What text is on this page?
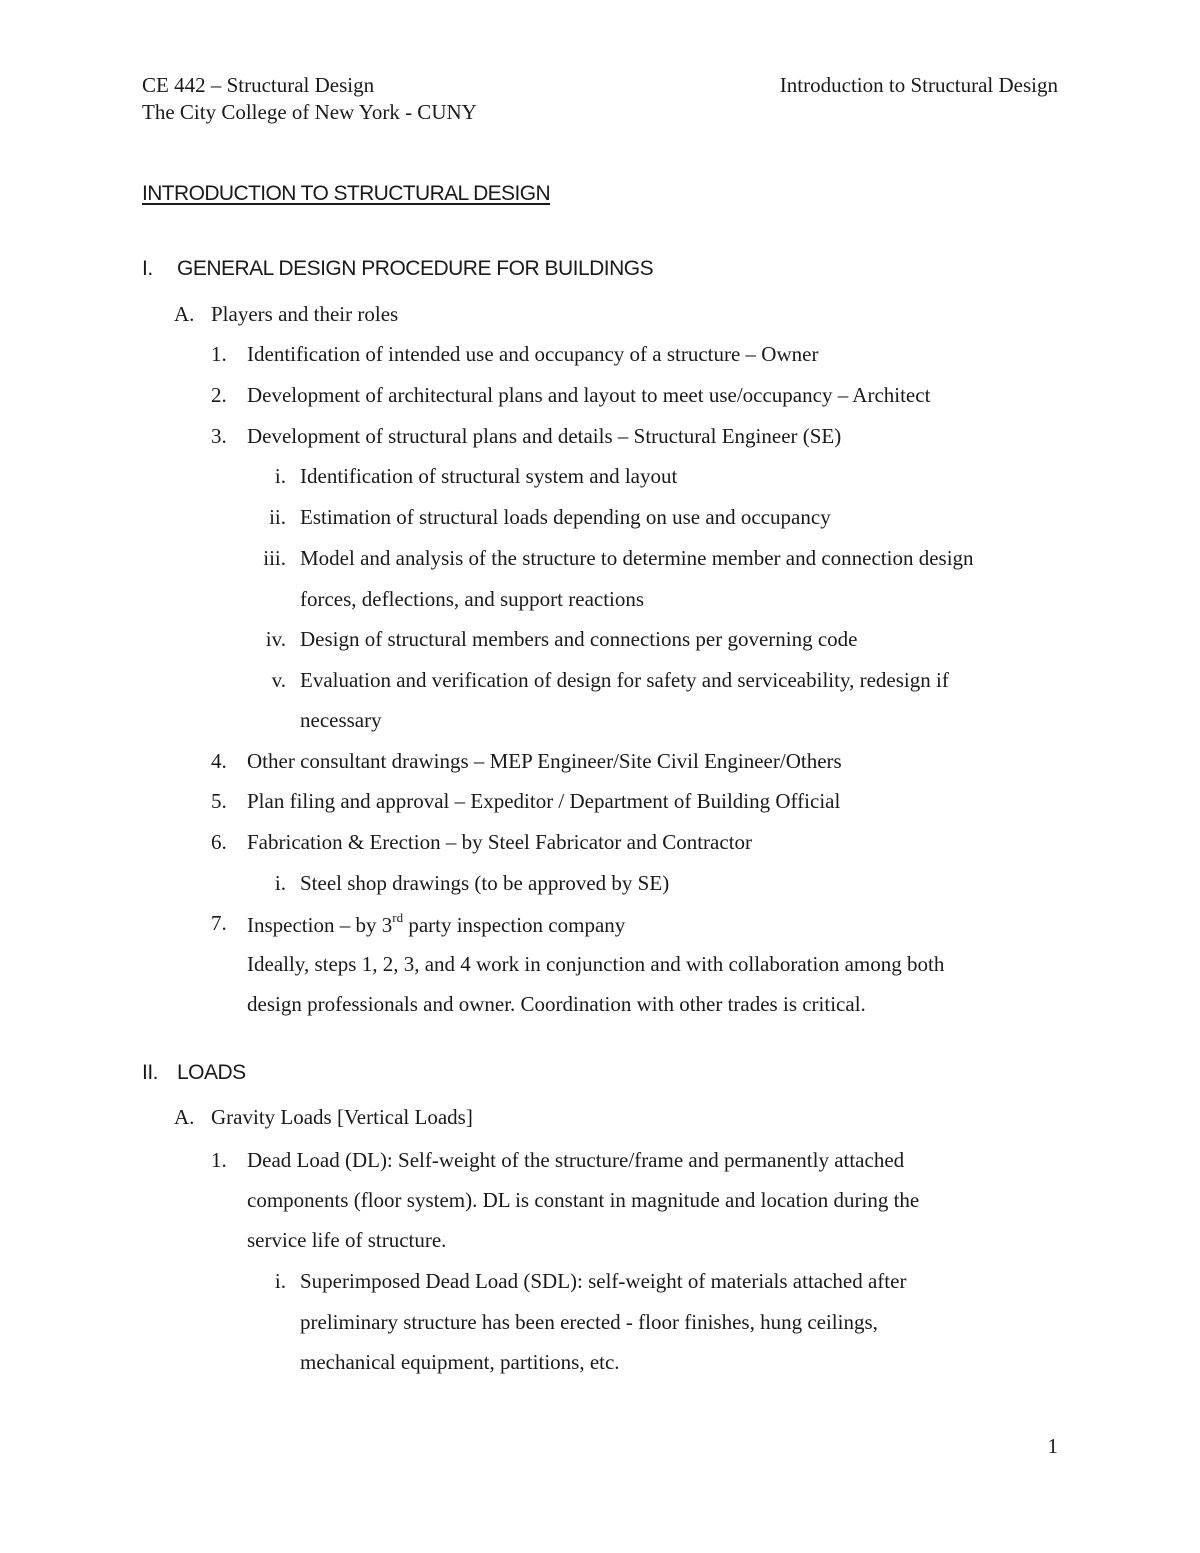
CE 442 – Structural Design
The City College of New York - CUNY
Introduction to Structural Design
INTRODUCTION TO STRUCTURAL DESIGN
I. GENERAL DESIGN PROCEDURE FOR BUILDINGS
A. Players and their roles
1. Identification of intended use and occupancy of a structure – Owner
2. Development of architectural plans and layout to meet use/occupancy – Architect
3. Development of structural plans and details – Structural Engineer (SE)
i. Identification of structural system and layout
ii. Estimation of structural loads depending on use and occupancy
iii. Model and analysis of the structure to determine member and connection design
forces, deflections, and support reactions
iv. Design of structural members and connections per governing code
v. Evaluation and verification of design for safety and serviceability, redesign if
necessary
4. Other consultant drawings – MEP Engineer/Site Civil Engineer/Others
5. Plan filing and approval – Expeditor / Department of Building Official
6. Fabrication & Erection – by Steel Fabricator and Contractor
i. Steel shop drawings (to be approved by SE)
7. Inspection – by 3rd party inspection company
Ideally, steps 1, 2, 3, and 4 work in conjunction and with collaboration among both
design professionals and owner. Coordination with other trades is critical.
II. LOADS
A. Gravity Loads [Vertical Loads]
1. Dead Load (DL): Self-weight of the structure/frame and permanently attached
components (floor system). DL is constant in magnitude and location during the
service life of structure.
i. Superimposed Dead Load (SDL): self-weight of materials attached after
preliminary structure has been erected - floor finishes, hung ceilings,
mechanical equipment, partitions, etc.
1
